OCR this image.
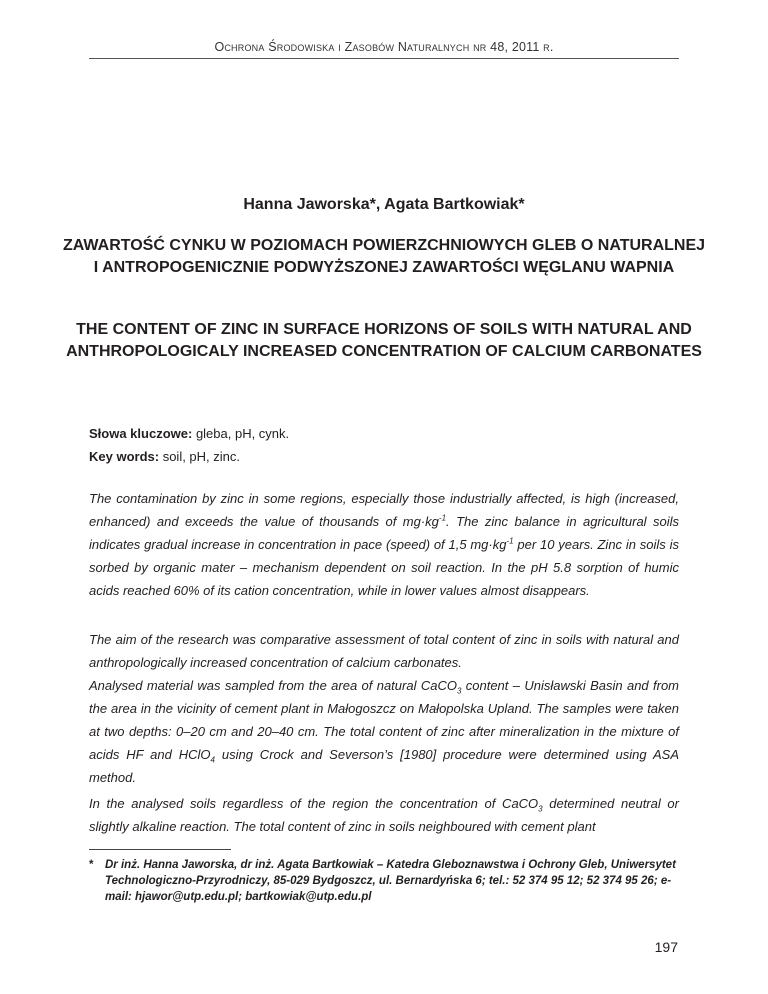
Ochrona Środowiska i Zasobów Naturalnych nr 48, 2011 r.
Hanna Jaworska*, Agata Bartkowiak*
ZAWARTOŚĆ CYNKU W POZIOMACH POWIERZCHNIOWYCH GLEB O NATURALNEJ I ANTROPOGENICZNIE PODWYŻSZONEJ ZAWARTOŚCI WĘGLANU WAPNIA
THE CONTENT OF ZINC IN SURFACE HORIZONS OF SOILS WITH NATURAL AND ANTHROPOLOGICALY INCREASED CONCENTRATION OF CALCIUM CARBONATES
Słowa kluczowe: gleba, pH, cynk.
Key words: soil, pH, zinc.
The contamination by zinc in some regions, especially those industrially affected, is high (increased, enhanced) and exceeds the value of thousands of $mg\cdot kg^{-1}$. The zinc balance in agricultural soils indicates gradual increase in concentration in pace (speed) of 1,5 $mg\cdot kg^{-1}$ per 10 years. Zinc in soils is sorbed by organic mater – mechanism dependent on soil reaction. In the pH 5.8 sorption of humic acids reached 60% of its cation concentration, while in lower values almost disappears.
The aim of the research was comparative assessment of total content of zinc in soils with natural and anthropologically increased concentration of calcium carbonates.
Analysed material was sampled from the area of natural CaCO$_3$ content – Unisławski Basin and from the area in the vicinity of cement plant in Małogoszcz on Małopolska Upland. The samples were taken at two depths: 0–20 cm and 20–40 cm. The total content of zinc after mineralization in the mixture of acids HF and HClO$_4$ using Crock and Severson’s [1980] procedure were determined using ASA method.
In the analysed soils regardless of the region the concentration of CaCO$_3$ determined neutral or slightly alkaline reaction. The total content of zinc in soils neighboured with cement plant
* Dr inż. Hanna Jaworska, dr inż. Agata Bartkowiak – Katedra Gleboznawstwa i Ochrony Gleb, Uniwersytet Technologiczno-Przyrodniczy, 85-029 Bydgoszcz, ul. Bernardyńska 6; tel.: 52 374 95 12; 52 374 95 26; e-mail: hjawor@utp.edu.pl; bartkowiak@utp.edu.pl
197
